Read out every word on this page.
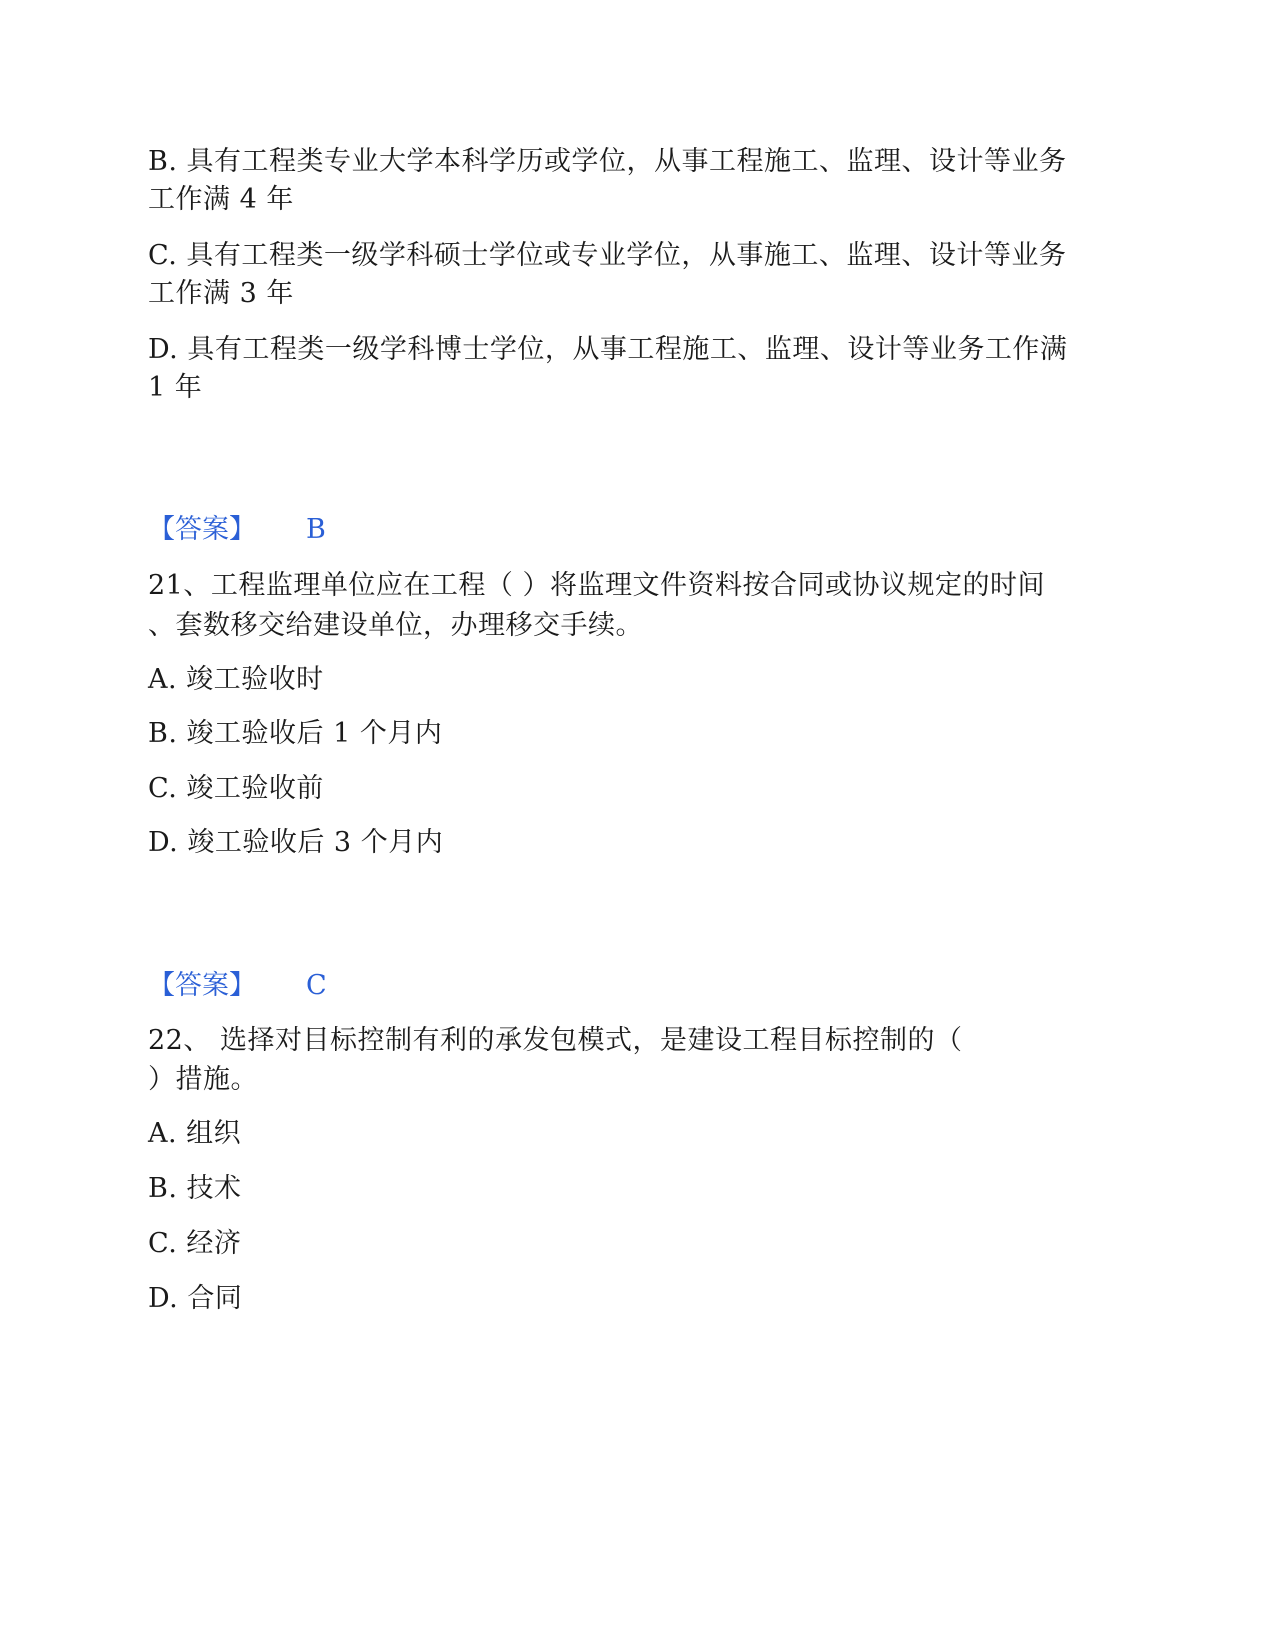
B. 具有工程类专业大学本科学历或学位，从事工程施工、监理、设计等业务
工作满 4 年
C. 具有工程类一级学科硕士学位或专业学位，从事施工、监理、设计等业务
工作满 3 年
D. 具有工程类一级学科博士学位，从事工程施工、监理、设计等业务工作满
1 年
【答案】 B
21、工程监理单位应在工程（ ）将监理文件资料按合同或协议规定的时间
、套数移交给建设单位，办理移交手续。
A. 竣工验收时
B. 竣工验收后 1 个月内
C. 竣工验收前
D. 竣工验收后 3 个月内
【答案】 C
22、 选择对目标控制有利的承发包模式，是建设工程目标控制的（
）措施。
A. 组织
B. 技术
C. 经济
D. 合同
